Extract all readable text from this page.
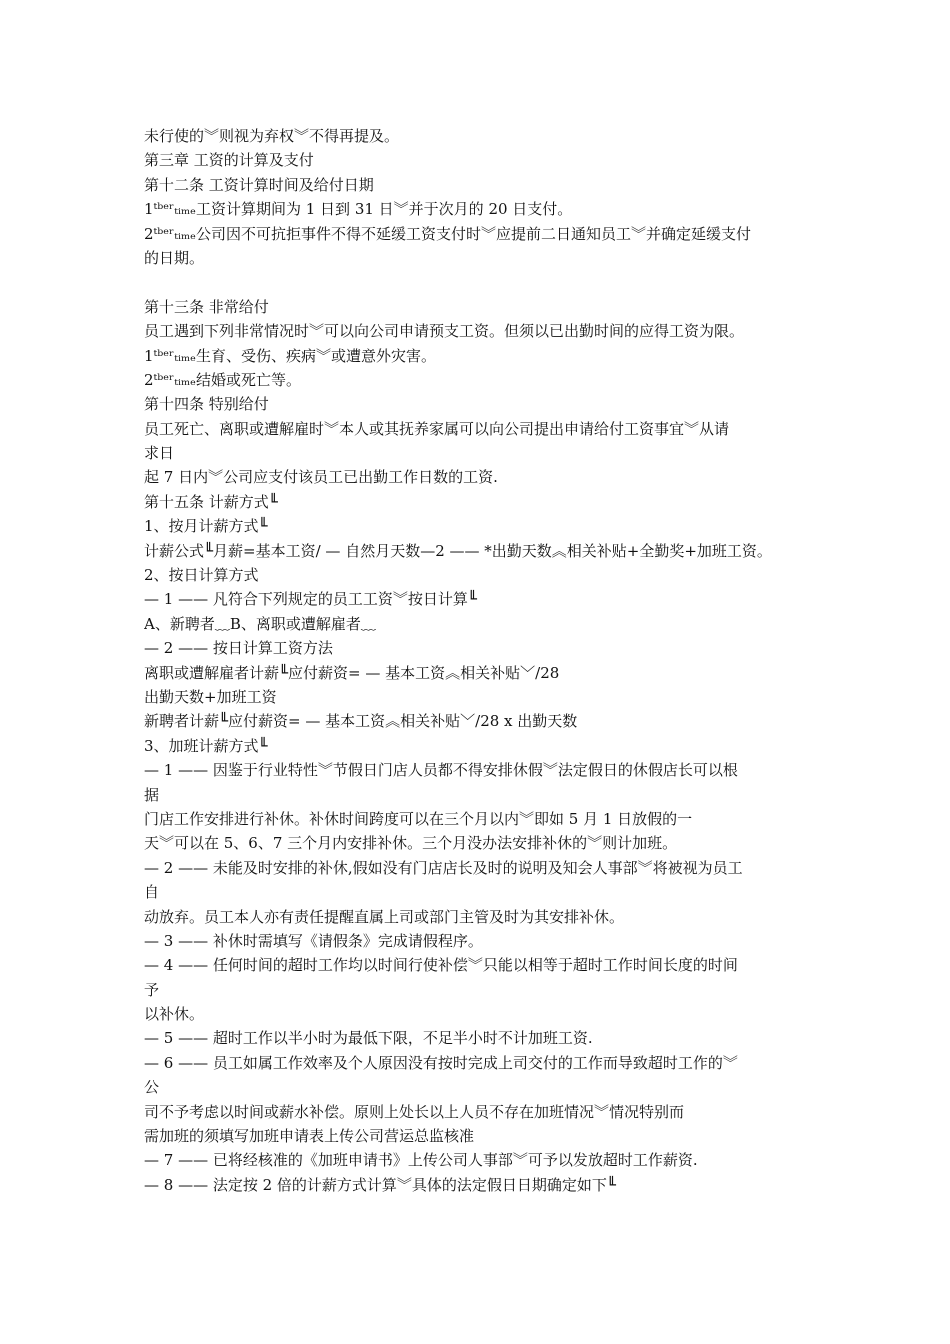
未行使的︾则视为弃权︾不得再提及。
第三章 工资的计算及支付
第十二条 工资计算时间及给付日期
1ᵗᵇᵉʳₜᵢₘₑ工资计算期间为 1 日到 31 日︾并于次月的 20 日支付。
2ᵗᵇᵉʳₜᵢₘₑ公司因不可抗拒事件不得不延缓工资支付时︾应提前二日通知员工︾并确定延缓支付
的日期。
第十三条 非常给付
员工遇到下列非常情况时︾可以向公司申请预支工资。但须以已出勤时间的应得工资为限。
1ᵗᵇᵉʳₜᵢₘₑ生育、受伤、疾病︾或遭意外灾害。
2ᵗᵇᵉʳₜᵢₘₑ结婚或死亡等。
第十四条 特别给付
员工死亡、离职或遭解雇时︾本人或其抚养家属可以向公司提出申请给付工资事宜︾从请
求日
起 7 日内︾公司应支付该员工已出勤工作日数的工资.
第十五条 计薪方式╙
1、按月计薪方式╙
计薪公式╙月薪=基本工资/ — 自然月天数—2 —— *出勤天数︽相关补贴+全勤奖+加班工资。
2、按日计算方式
— 1 —— 凡符合下列规定的员工工资︾按日计算╙
A、新聘者﹏B、离职或遭解雇者﹏
— 2 —— 按日计算工资方法
离职或遭解雇者计薪╙应付薪资= — 基本工资︽相关补贴﹀/28
出勤天数+加班工资
新聘者计薪╙应付薪资= — 基本工资︽相关补贴﹀/28 x 出勤天数
3、加班计薪方式╙
— 1 —— 因鉴于行业特性︾节假日门店人员都不得安排休假︾法定假日的休假店长可以根
据
门店工作安排进行补休。补休时间跨度可以在三个月以内︾即如 5 月 1 日放假的一
天︾可以在 5、6、7 三个月内安排补休。三个月没办法安排补休的︾则计加班。
— 2 —— 未能及时安排的补休,假如没有门店店长及时的说明及知会人事部︾将被视为员工
自
动放弃。员工本人亦有责任提醒直属上司或部门主管及时为其安排补休。
— 3 —— 补休时需填写《请假条》完成请假程序。
— 4 —— 任何时间的超时工作均以时间行使补偿︾只能以相等于超时工作时间长度的时间
予
以补休。
— 5 —— 超时工作以半小时为最低下限，不足半小时不计加班工资.
— 6 —— 员工如属工作效率及个人原因没有按时完成上司交付的工作而导致超时工作的︾
公
司不予考虑以时间或薪水补偿。原则上处长以上人员不存在加班情况︾情况特别而
需加班的须填写加班申请表上传公司营运总监核准
— 7 —— 已将经核准的《加班申请书》上传公司人事部︾可予以发放超时工作薪资.
— 8 —— 法定按 2 倍的计薪方式计算︾具体的法定假日日期确定如下╙
